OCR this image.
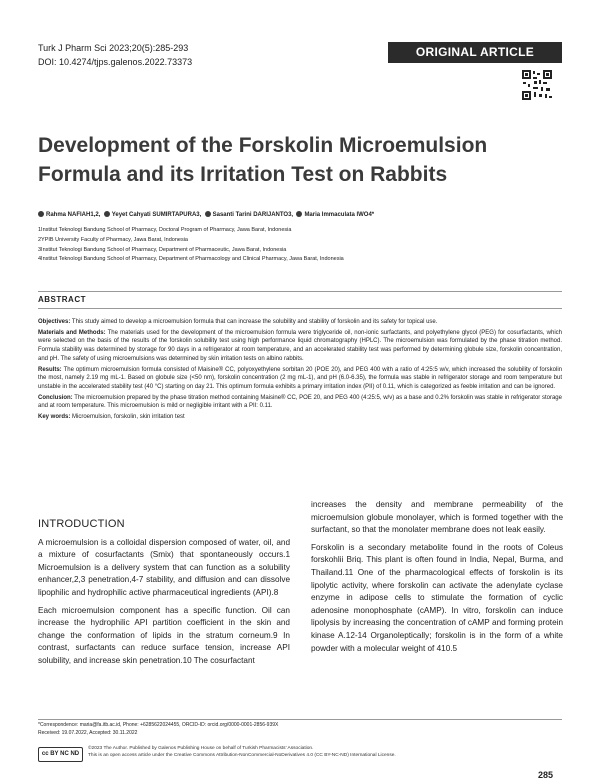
Turk J Pharm Sci 2023;20(5):285-293
DOI: 10.4274/tjps.galenos.2022.73373
ORIGINAL ARTICLE
Development of the Forskolin Microemulsion
Formula and its Irritation Test on Rabbits
Rahma NAFIAH1,2, Yeyet Cahyati SUMIRTAPURA3, Sasanti Tarini DARIJANTO3, Maria Immaculata IWO4*
1Institut Teknologi Bandung School of Pharmacy, Doctoral Program of Pharmacy, Jawa Barat, Indonesia
2YPIB University Faculty of Pharmacy, Jawa Barat, Indonesia
3Institut Teknologi Bandung School of Pharmacy, Department of Pharmaceutic, Jawa Barat, Indonesia
4Institut Teknologi Bandung School of Pharmacy, Department of Pharmacology and Clinical Pharmacy, Jawa Barat, Indonesia
ABSTRACT

Objectives: This study aimed to develop a microemulsion formula that can increase the solubility and stability of forskolin and its safety for topical use.

Materials and Methods: The materials used for the development of the microemulsion formula were triglyceride oil, non-ionic surfactants, and polyethylene glycol (PEG) for cosurfactants, which were selected on the basis of the results of the forskolin solubility test using high performance liquid chromatography (HPLC). The microemulsion was formulated by the phase titration method. Formula stability was determined by storage for 90 days in a refrigerator at room temperature, and an accelerated stability test was performed by determining globule size, forskolin concentration, and pH. The safety of using microemulsions was determined by skin irritation tests on albino rabbits.

Results: The optimum microemulsion formula consisted of Maisine® CC, polyoxyethylene sorbitan 20 (POE 20), and PEG 400 with a ratio of 4:25:5 w/v, which increased the solubility of forskolin the most, namely 2.19 mg mL-1. Based on globule size (<50 nm), forskolin concentration (2 mg mL-1), and pH (6.0-6.35), the formula was stable in refrigerator storage and room temperature but unstable in the accelerated stability test (40 °C) starting on day 21. This optimum formula exhibits a primary irritation index (PII) of 0.11, which is categorized as feeble irritation and can be ignored.

Conclusion: The microemulsion prepared by the phase titration method containing Maisine® CC, POE 20, and PEG 400 (4:25:5, w/v) as a base and 0.2% forskolin was stable in refrigerator storage and at room temperature. This microemulsion is mild or negligible irritant with a PII: 0.11.

Key words: Microemulsion, forskolin, skin irritation test

INTRODUCTION

A microemulsion is a colloidal dispersion composed of water, oil, and a mixture of cosurfactants (Smix) that spontaneously occurs.1 Microemulsion is a delivery system that can function as a solubility enhancer,2,3 penetration,4-7 stability, and diffusion and can dissolve lipophilic and hydrophilic active pharmaceutical ingredients (API).8

Each microemulsion component has a specific function. Oil can increase the hydrophilic API partition coefficient in the skin and change the conformation of lipids in the stratum corneum.9 In contrast, surfactants can reduce surface tension, increase API solubility, and increase skin penetration.10 The cosurfactant

increases the density and membrane permeability of the microemulsion globule monolayer, which is formed together with the surfactant, so that the monolater membrane does not leak easily.

Forskolin is a secondary metabolite found in the roots of Coleus forskohlii Briq. This plant is often found in India, Nepal, Burma, and Thailand.11 One of the pharmacological effects of forskolin is its lipolytic activity, where forskolin can activate the adenylate cyclase enzyme in adipose cells to stimulate the formation of cyclic adenosine monophosphate (cAMP). In vitro, forskolin can induce lipolysis by increasing the concentration of cAMP and forming protein kinase A.12-14 Organoleptically; forskolin is in the form of a white powder with a molecular weight of 410.5

*Correspondence: maria@fa.itb.ac.id, Phone: +6285622024455, ORCID-ID: orcid.org/0000-0001-2856-939X
Received: 19.07.2022, Accepted: 30.11.2022
cc BY NC ND
©2023 The Author. Published by Galenos Publishing House on behalf of Turkish Pharmacists' Association.
This is an open access article under the Creative Commons Attribution-NonCommercial-NoDerivatives 4.0 (CC BY-NC-ND) International License.
285
